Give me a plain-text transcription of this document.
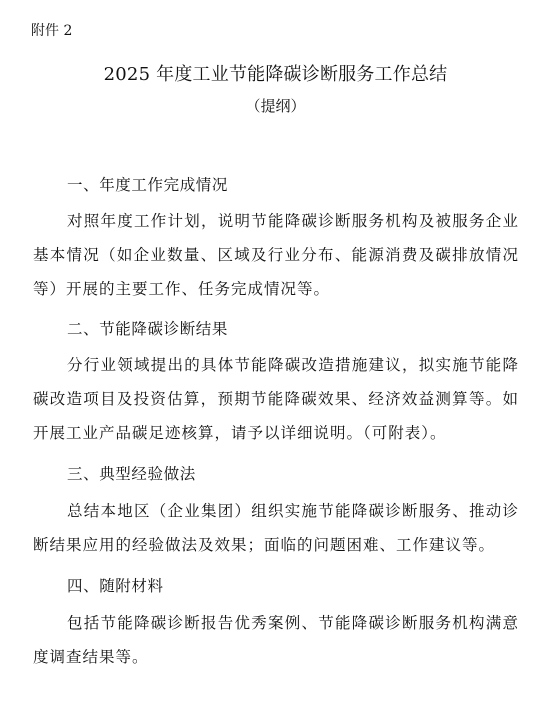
附件 2
2025 年度工业节能降碳诊断服务工作总结
（提纲）
一、年度工作完成情况
对照年度工作计划，说明节能降碳诊断服务机构及被服务企业基本情况（如企业数量、区域及行业分布、能源消费及碳排放情况等）开展的主要工作、任务完成情况等。
二、节能降碳诊断结果
分行业领域提出的具体节能降碳改造措施建议，拟实施节能降碳改造项目及投资估算，预期节能降碳效果、经济效益测算等。如开展工业产品碳足迹核算，请予以详细说明。（可附表）。
三、典型经验做法
总结本地区（企业集团）组织实施节能降碳诊断服务、推动诊断结果应用的经验做法及效果；面临的问题困难、工作建议等。
四、随附材料
包括节能降碳诊断报告优秀案例、节能降碳诊断服务机构满意度调查结果等。
